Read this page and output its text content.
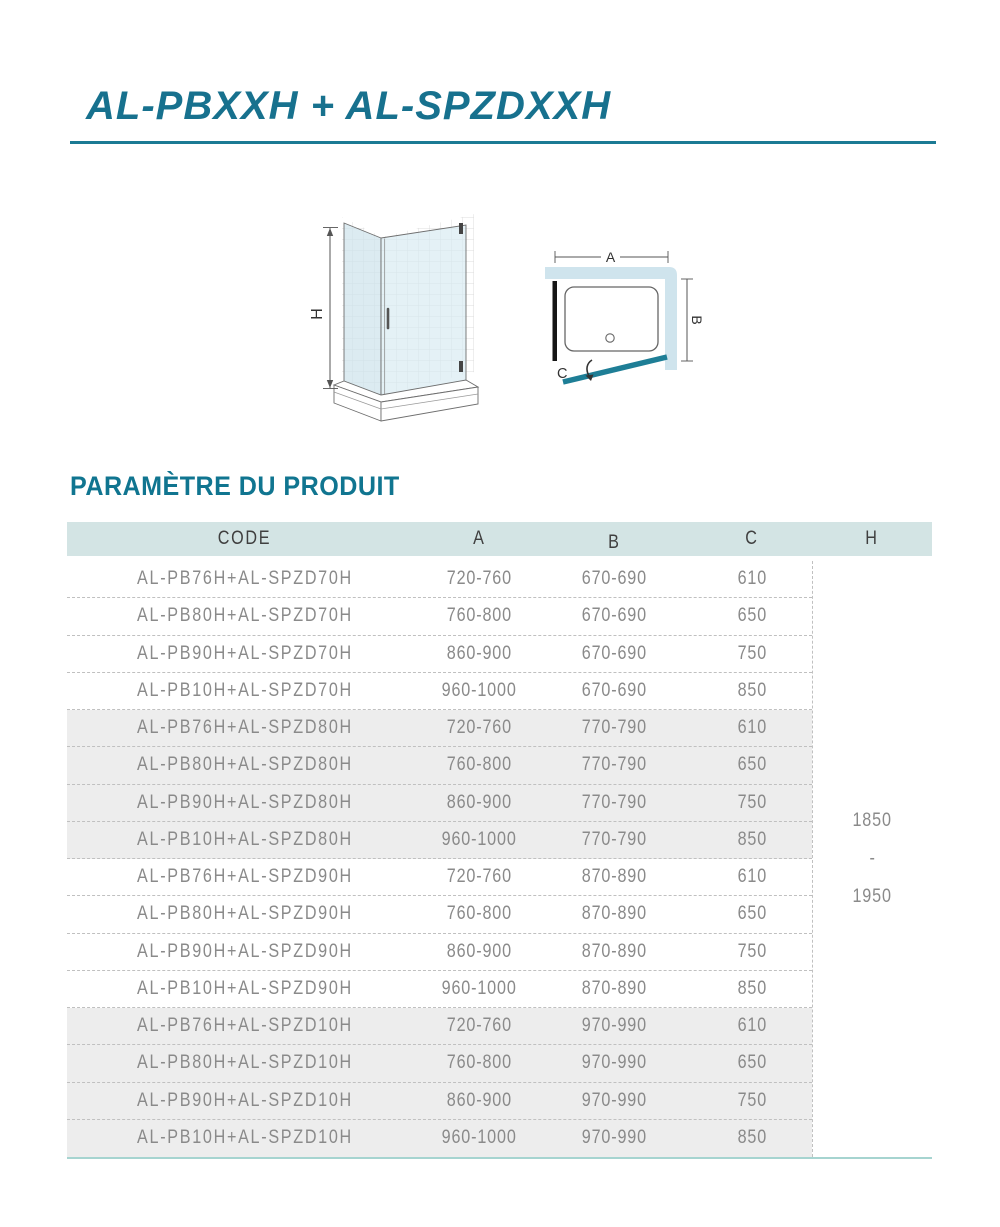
AL-PBXXH + AL-SPZDXXH
H
A
B
C
PARAMÈTRE DU PRODUIT
CODE	A	B	C	H
AL-PB76H+AL-SPZD70H	720-760	670-690	610
AL-PB80H+AL-SPZD70H	760-800	670-690	650
AL-PB90H+AL-SPZD70H	860-900	670-690	750
AL-PB10H+AL-SPZD70H	960-1000	670-690	850
AL-PB76H+AL-SPZD80H	720-760	770-790	610
AL-PB80H+AL-SPZD80H	760-800	770-790	650
AL-PB90H+AL-SPZD80H	860-900	770-790	750
AL-PB10H+AL-SPZD80H	960-1000	770-790	850
AL-PB76H+AL-SPZD90H	720-760	870-890	610
AL-PB80H+AL-SPZD90H	760-800	870-890	650
AL-PB90H+AL-SPZD90H	860-900	870-890	750
AL-PB10H+AL-SPZD90H	960-1000	870-890	850
AL-PB76H+AL-SPZD10H	720-760	970-990	610
AL-PB80H+AL-SPZD10H	760-800	970-990	650
AL-PB90H+AL-SPZD10H	860-900	970-990	750
AL-PB10H+AL-SPZD10H	960-1000	970-990	850
1850
-
1950
